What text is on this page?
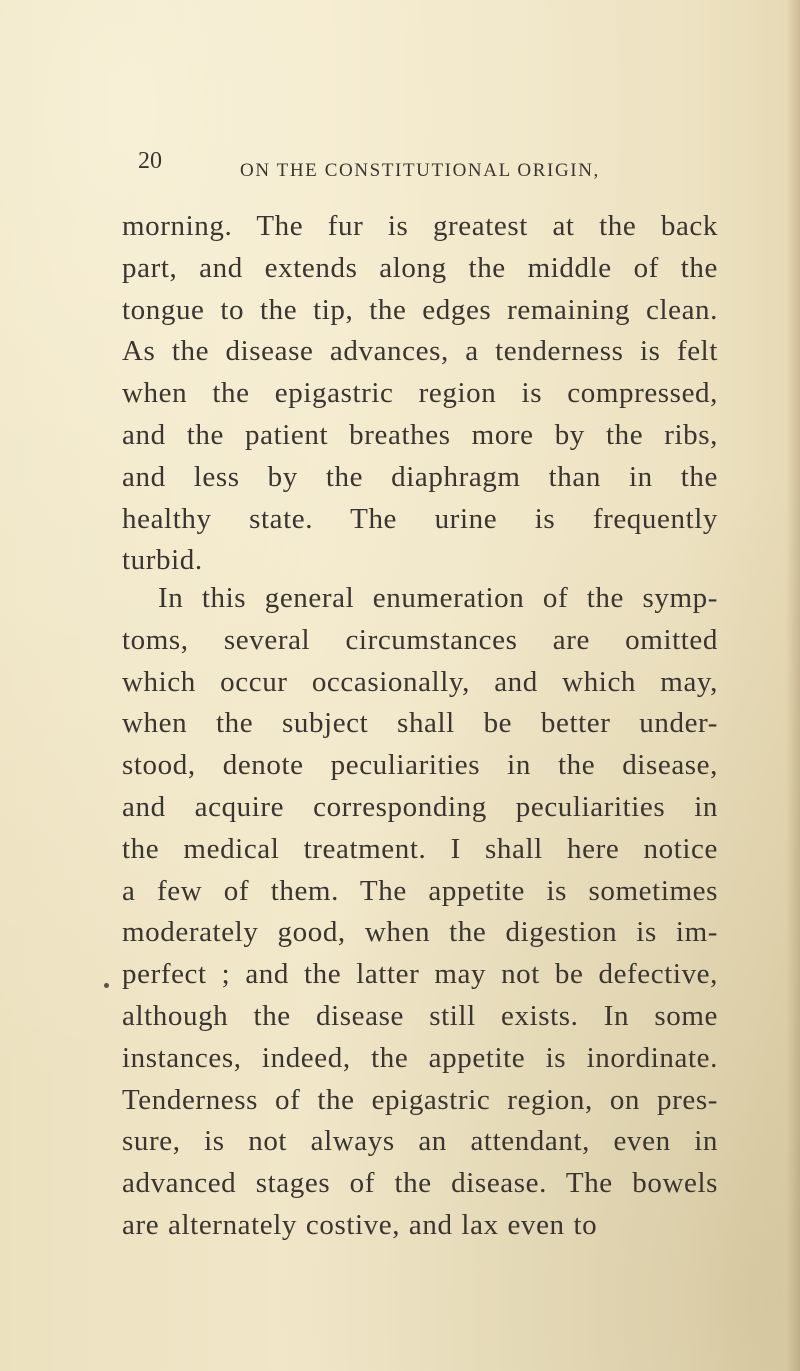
20	ON THE CONSTITUTIONAL ORIGIN,
morning. The fur is greatest at the back
part, and extends along the middle of the
tongue to the tip, the edges remaining clean.
As the disease advances, a tenderness is felt
when the epigastric region is compressed,
and the patient breathes more by the ribs,
and less by the diaphragm than in the
healthy state. The urine is frequently
turbid.
In this general enumeration of the symp-
toms, several circumstances are omitted
which occur occasionally, and which may,
when the subject shall be better under-
stood, denote peculiarities in the disease,
and acquire corresponding peculiarities in
the medical treatment. I shall here notice
a few of them. The appetite is sometimes
moderately good, when the digestion is im-
perfect ; and the latter may not be defective,
although the disease still exists. In some
instances, indeed, the appetite is inordinate.
Tenderness of the epigastric region, on pres-
sure, is not always an attendant, even in
advanced stages of the disease. The bowels
are alternately costive, and lax even to
